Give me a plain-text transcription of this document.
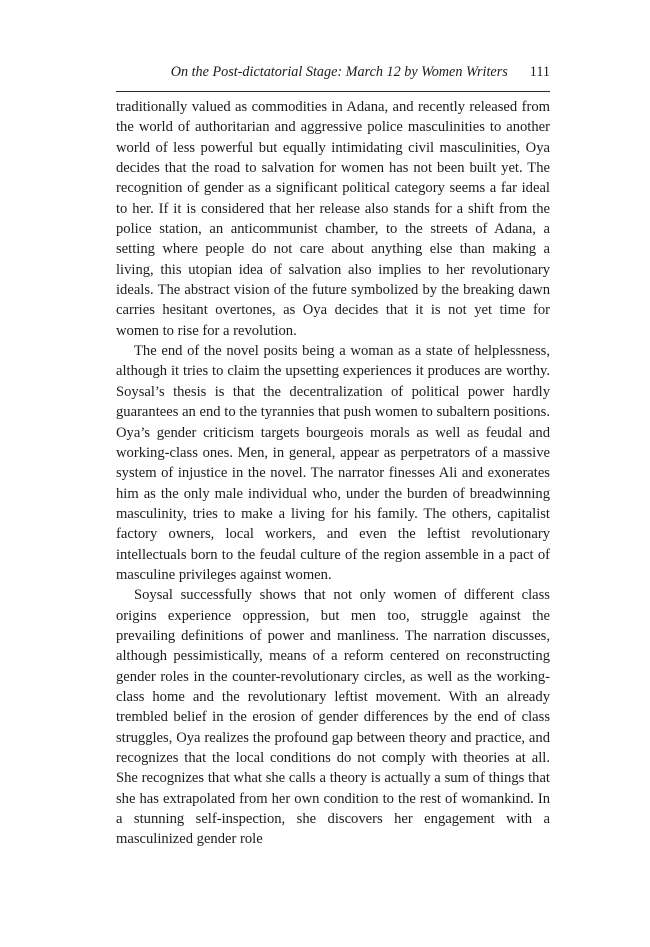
On the Post-dictatorial Stage: March 12 by Women Writers 111

traditionally valued as commodities in Adana, and recently released from the world of authoritarian and aggressive police masculinities to another world of less powerful but equally intimidating civil masculinities, Oya decides that the road to salvation for women has not been built yet. The recognition of gender as a significant political category seems a far ideal to her. If it is considered that her release also stands for a shift from the police station, an anticommunist chamber, to the streets of Adana, a setting where people do not care about anything else than making a living, this utopian idea of salvation also implies to her revolutionary ideals. The abstract vision of the future symbolized by the breaking dawn carries hesitant overtones, as Oya decides that it is not yet time for women to rise for a revolution.

The end of the novel posits being a woman as a state of helplessness, although it tries to claim the upsetting experiences it produces are worthy. Soysal’s thesis is that the decentralization of political power hardly guarantees an end to the tyrannies that push women to subaltern positions. Oya’s gender criticism targets bourgeois morals as well as feudal and working-class ones. Men, in general, appear as perpetrators of a massive system of injustice in the novel. The narrator finesses Ali and exonerates him as the only male individual who, under the burden of breadwinning masculinity, tries to make a living for his family. The others, capitalist factory owners, local workers, and even the leftist revolutionary intellectuals born to the feudal culture of the region assemble in a pact of masculine privileges against women.

Soysal successfully shows that not only women of different class origins experience oppression, but men too, struggle against the prevailing definitions of power and manliness. The narration discusses, although pessimistically, means of a reform centered on reconstructing gender roles in the counter-revolutionary circles, as well as the working-class home and the revolutionary leftist movement. With an already trembled belief in the erosion of gender differences by the end of class struggles, Oya realizes the profound gap between theory and practice, and recognizes that the local conditions do not comply with theories at all. She recognizes that what she calls a theory is actually a sum of things that she has extrapolated from her own condition to the rest of womankind. In a stunning self-inspection, she discovers her engagement with a masculinized gender role
